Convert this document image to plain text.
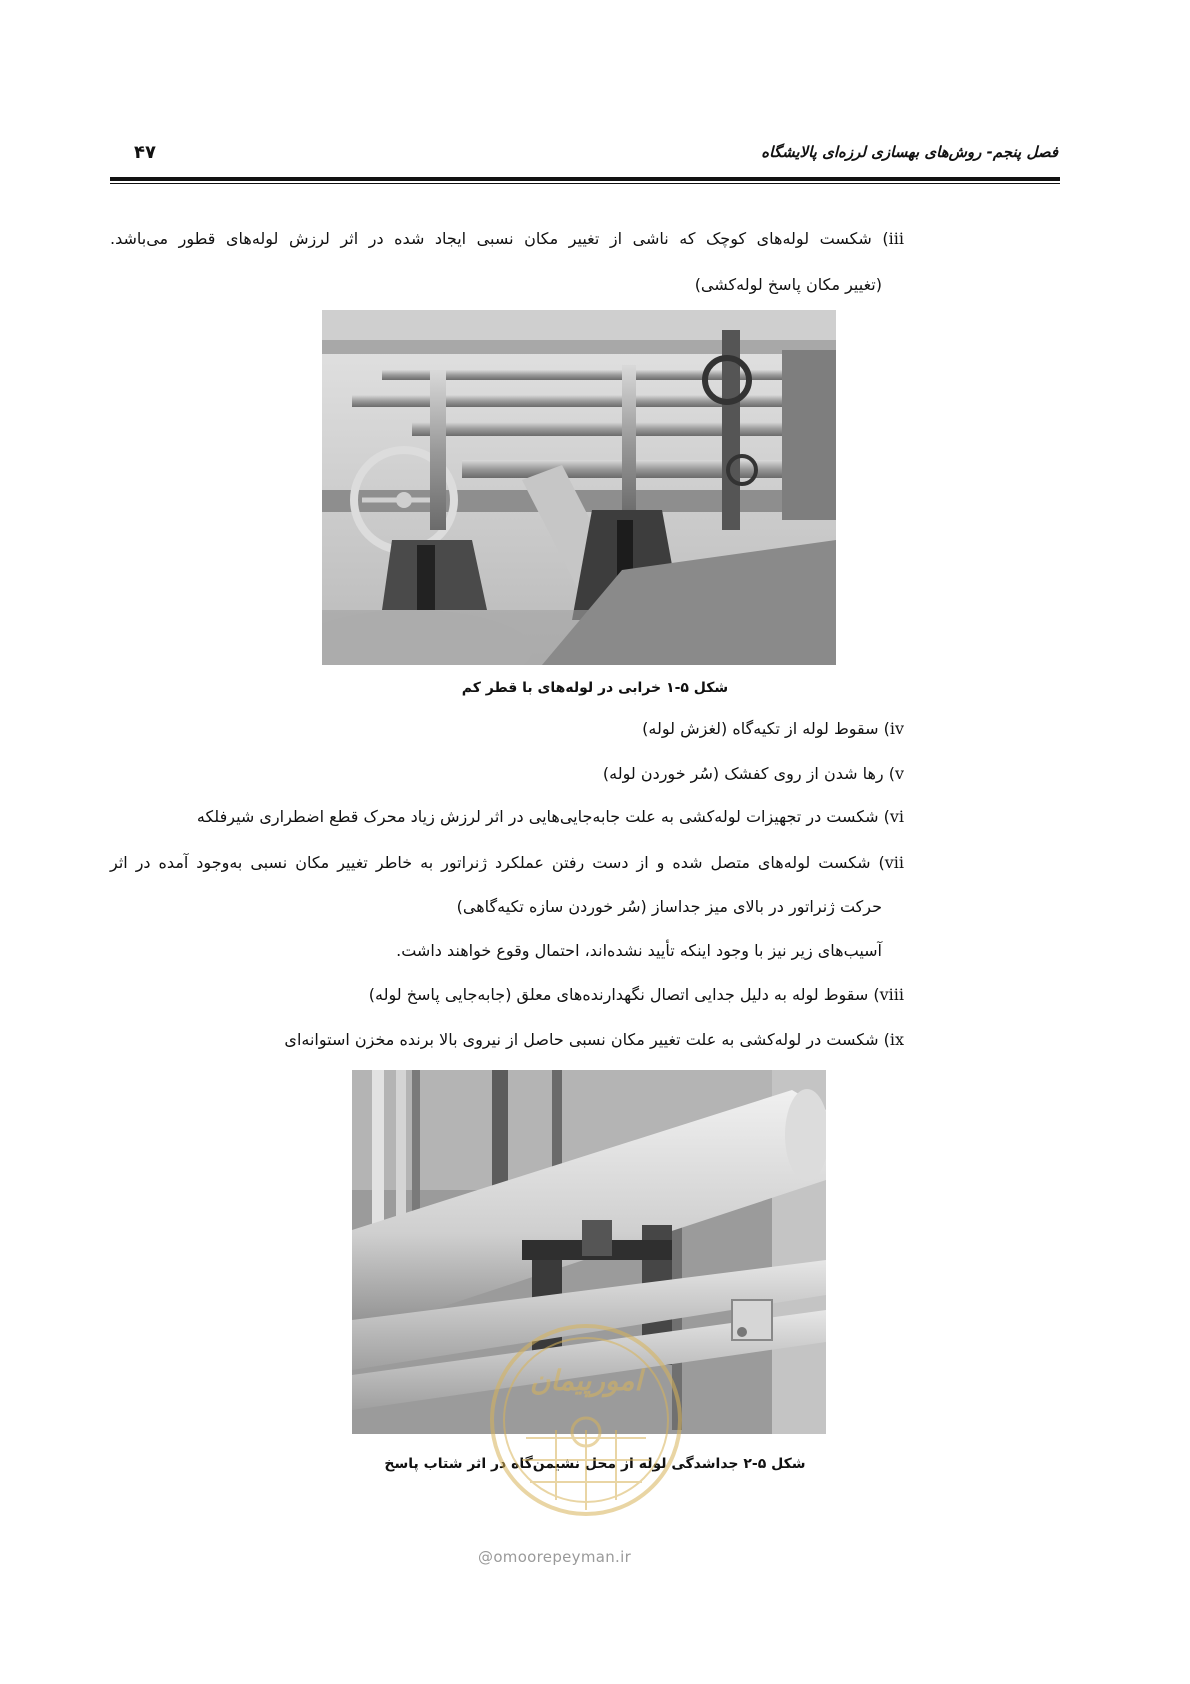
فصل پنجم- روش‌های بهسازی لرزه‌ای پالایشگاه
۴۷
iii) شکست لوله‌های کوچک که ناشی از تغییر مکان نسبی ایجاد شده در اثر لرزش لوله‌های قطور می‌باشد.
(تغییر مکان پاسخ لوله‌کشی)
شکل ۵-۱ خرابی در لوله‌های با قطر کم
iv) سقوط لوله از تکیه‌گاه (لغزش لوله)
v) رها شدن از روی کفشک (سُر خوردن لوله)
vi) شکست در تجهیزات لوله‌کشی به علت جابه‌جایی‌هایی در اثر لرزش زیاد محرک قطع اضطراری شیرفلکه
vii) شکست لوله‌های متصل شده و از دست رفتن عملکرد ژنراتور به خاطر تغییر مکان نسبی به‌وجود آمده در اثر
حرکت ژنراتور در بالای میز جداساز (سُر خوردن سازه تکیه‌گاهی)
آسیب‌های زیر نیز با وجود اینکه تأیید نشده‌اند، احتمال وقوع خواهند داشت.
viii) سقوط لوله به دلیل جدایی اتصال نگهدارنده‌های معلق (جابه‌جایی پاسخ لوله)
ix) شکست در لوله‌کشی به علت تغییر مکان نسبی حاصل از نیروی بالا برنده مخزن استوانه‌ای
شکل ۵-۲ جداشدگی لوله از محل نشیمن‌گاه در اثر شتاب پاسخ
امورپیمان
@omoorepeyman.ir
